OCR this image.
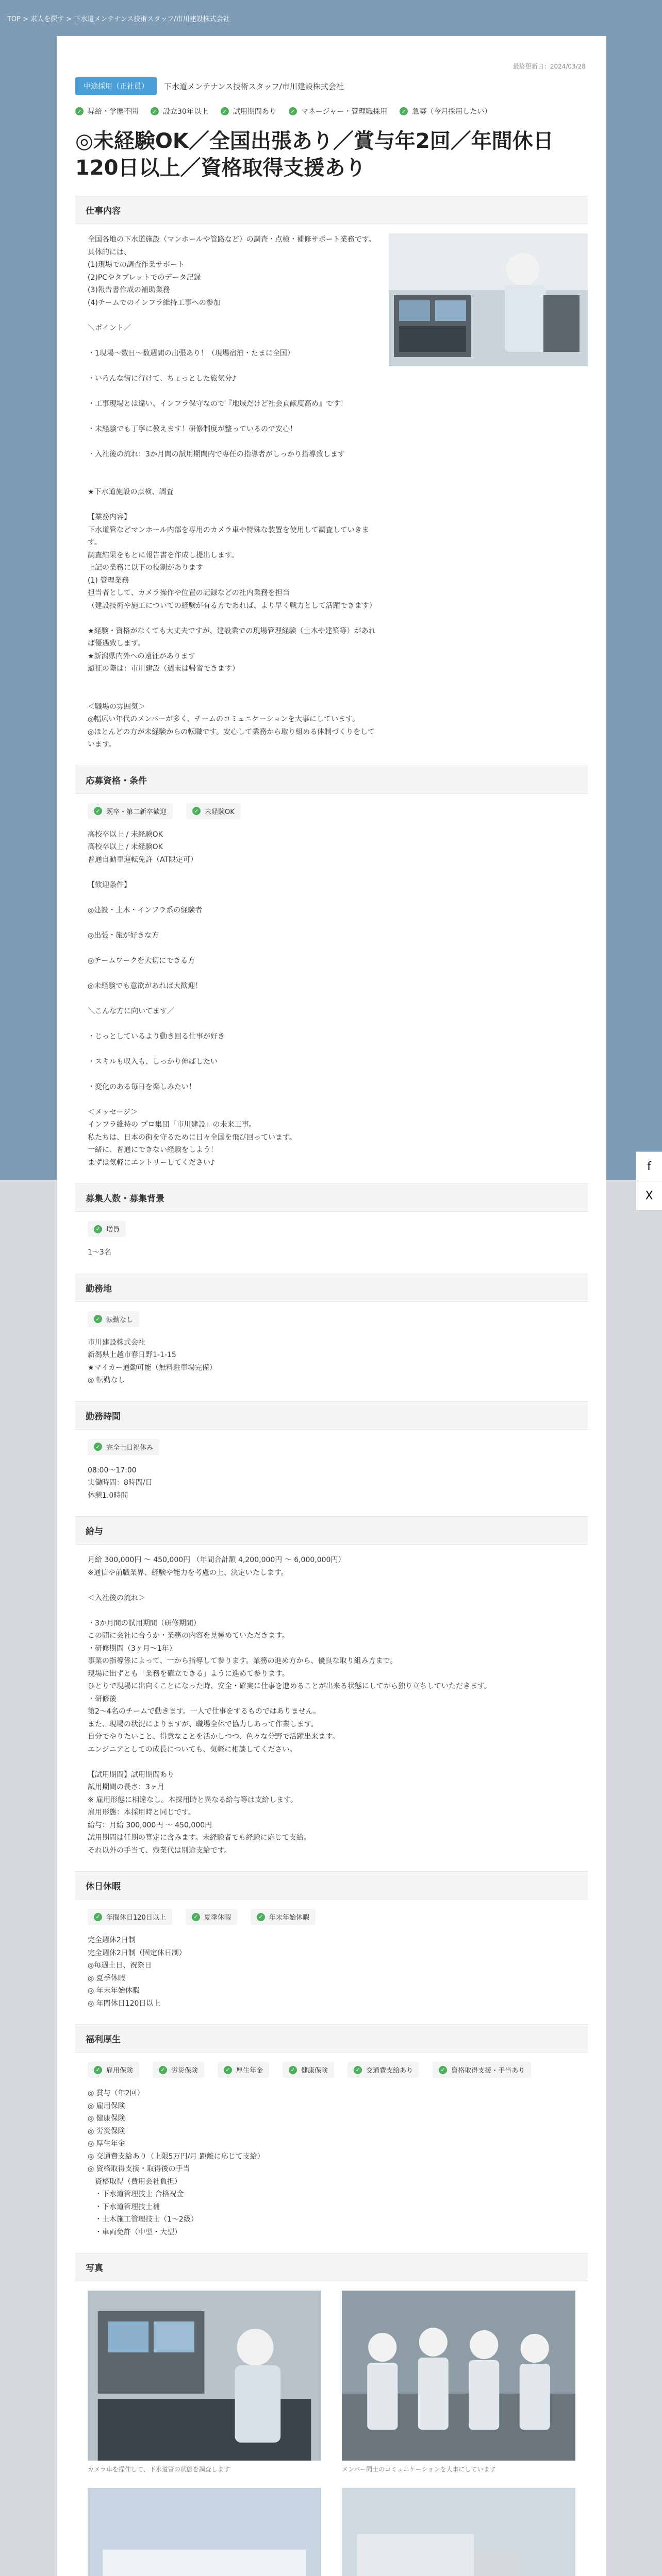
TOP > 求人を探す > 下水道メンテナンス技術スタッフ/市川建設株式会社
最終更新日：2024/03/28
中途採用（正社員）	下水道メンテナンス技術スタッフ/市川建設株式会社
✓ 昇給・学歴不問	✓ 設立30年以上	✓ 試用期間あり	✓ マネージャー・管理職採用	✓ 急募（今月採用したい）
◎未経験OK／全国出張あり／賞与年2回／年間休日120日以上／資格取得支援あり
仕事内容
全国各地の下水道施設（マンホールや管路など）の調査・点検・補修サポート業務です。
具体的には、
(1)現場での調査作業サポート
(2)PCやタブレットでのデータ記録
(3)報告書作成の補助業務
(4)チームでのインフラ維持工事への参加

＼ポイント／

・1現場〜数日〜数週間の出張あり！（現場宿泊・たまに全国）

・いろんな街に行けて、ちょっとした旅気分♪

・工事現場とは違い、インフラ保守なので『地域だけど社会貢献度高め』です！

・未経験でも丁寧に教えます！研修制度が整っているので安心！

・入社後の流れ：3か月間の試用期間内で専任の指導者がしっかり指導致します

★下水道施設の点検、調査

【業務内容】
下水道管などマンホール内部を専用のカメラ車や特殊な装置を使用して調査していきます。
調査結果をもとに報告書を作成し提出します。
上記の業務に以下の役割があります
(1) 管理業務
担当者として、カメラ操作や位置の記録などの社内業務を担当
（建設技術や施工についての経験が有る方であれば、より早く戦力として活躍できます）

★経験・資格がなくても大丈夫ですが、建設業での現場管理経験（土木や建築等）があれば優遇致します。
★新潟県内外への遠征があります
遠征の際は：市川建設（週末は帰省できます）

＜職場の雰囲気＞
◎幅広い年代のメンバーが多く、チームのコミュニケーションを大事にしています。
◎ほとんどの方が未経験からの転職です。安心して業務から取り組める体制づくりをしています。
応募資格・条件
✓ 既卒・第二新卒歓迎	✓ 未経験OK
高校卒以上 / 未経験OK
高校卒以上 / 未経験OK
普通自動車運転免許（AT限定可）

【歓迎条件】

◎建設・土木・インフラ系の経験者

◎出張・旅が好きな方

◎チームワークを大切にできる方

◎未経験でも意欲があれば大歓迎！

＼こんな方に向いてます／

・じっとしているより動き回る仕事が好き

・スキルも収入も、しっかり伸ばしたい

・変化のある毎日を楽しみたい！

＜メッセージ＞
インフラ維持の プロ集団「市川建設」の未来工事。
私たちは、日本の街を守るために日々全国を飛び回っています。
一緒に、普通にできない経験をしよう！
まずは気軽にエントリーしてください♪
募集人数・募集背景
✓ 増員
1〜3名
勤務地
✓ 転勤なし
市川建設株式会社
新潟県上越市春日野1-1-15
★マイカー通勤可能（無料駐車場完備）
◎ 転勤なし
勤務時間
✓ 完全土日祝休み
08:00〜17:00
実働時間：8時間/日
休憩1.0時間
給与
月給 300,000円 〜 450,000円 （年間合計額 4,200,000円 〜 6,000,000円）
※通信や前職業界、経験や能力を考慮の上、決定いたします。

＜入社後の流れ＞

・3か月間の試用期間（研修期間）
この間に会社に合うか・業務の内容を見極めていただきます。
・研修期間（3ヶ月〜1年）
事業の指導係によって、一から指導して参ります。業務の進め方から、優良な取り組み方まで。
現場に出ずとも「業務を確立できる」ように進めて参ります。
ひとりで現場に出向くことになった時、安全・確実に仕事を進めることが出来る状態にしてから独り立ちしていただきます。
・研修後
第2〜4名のチームで動きます。一人で仕事をするものではありません。
また、現場の状況によりますが、職場全体で協力しあって作業します。
自分でやりたいこと、得意なことを活かしつつ、色々な分野で活躍出来ます。
エンジニアとしての成長についても、気軽に相談してください。

【試用期間】試用期間あり
試用期間の長さ：3ヶ月
※ 雇用形態に相違なし。本採用時と異なる給与等は支給します。
雇用形態：本採用時と同じです。
給与：月給 300,000円 〜 450,000円
試用期間は任期の算定に含みます。未経験者でも経験に応じて支給。
それ以外の手当て、残業代は別途支給です。
休日休暇
✓ 年間休日120日以上	✓ 夏季休暇	✓ 年末年始休暇
完全週休2日制
完全週休2日制（固定休日制）
◎毎週土日、祝祭日
◎ 夏季休暇
◎ 年末年始休暇
◎ 年間休日120日以上
福利厚生
✓ 雇用保険	✓ 労災保険	✓ 厚生年金	✓ 健康保険	✓ 交通費支給あり	✓ 資格取得支援・手当あり
◎ 賞与（年2回）
◎ 雇用保険
◎ 健康保険
◎ 労災保険
◎ 厚生年金
◎ 交通費支給あり（上限5万円/月 距離に応じて支給）
◎ 資格取得支援・取得後の手当
　資格取得（費用会社負担）
　・下水道管理技士 合格祝金
　・下水道管理技士補
　・土木施工管理技士（1〜2級）
　・車両免許（中型・大型）
写真
カメラ車を操作して、下水道管の状態を調査します	メンバー同士のコミュニケーションを大事にしています
f
X
